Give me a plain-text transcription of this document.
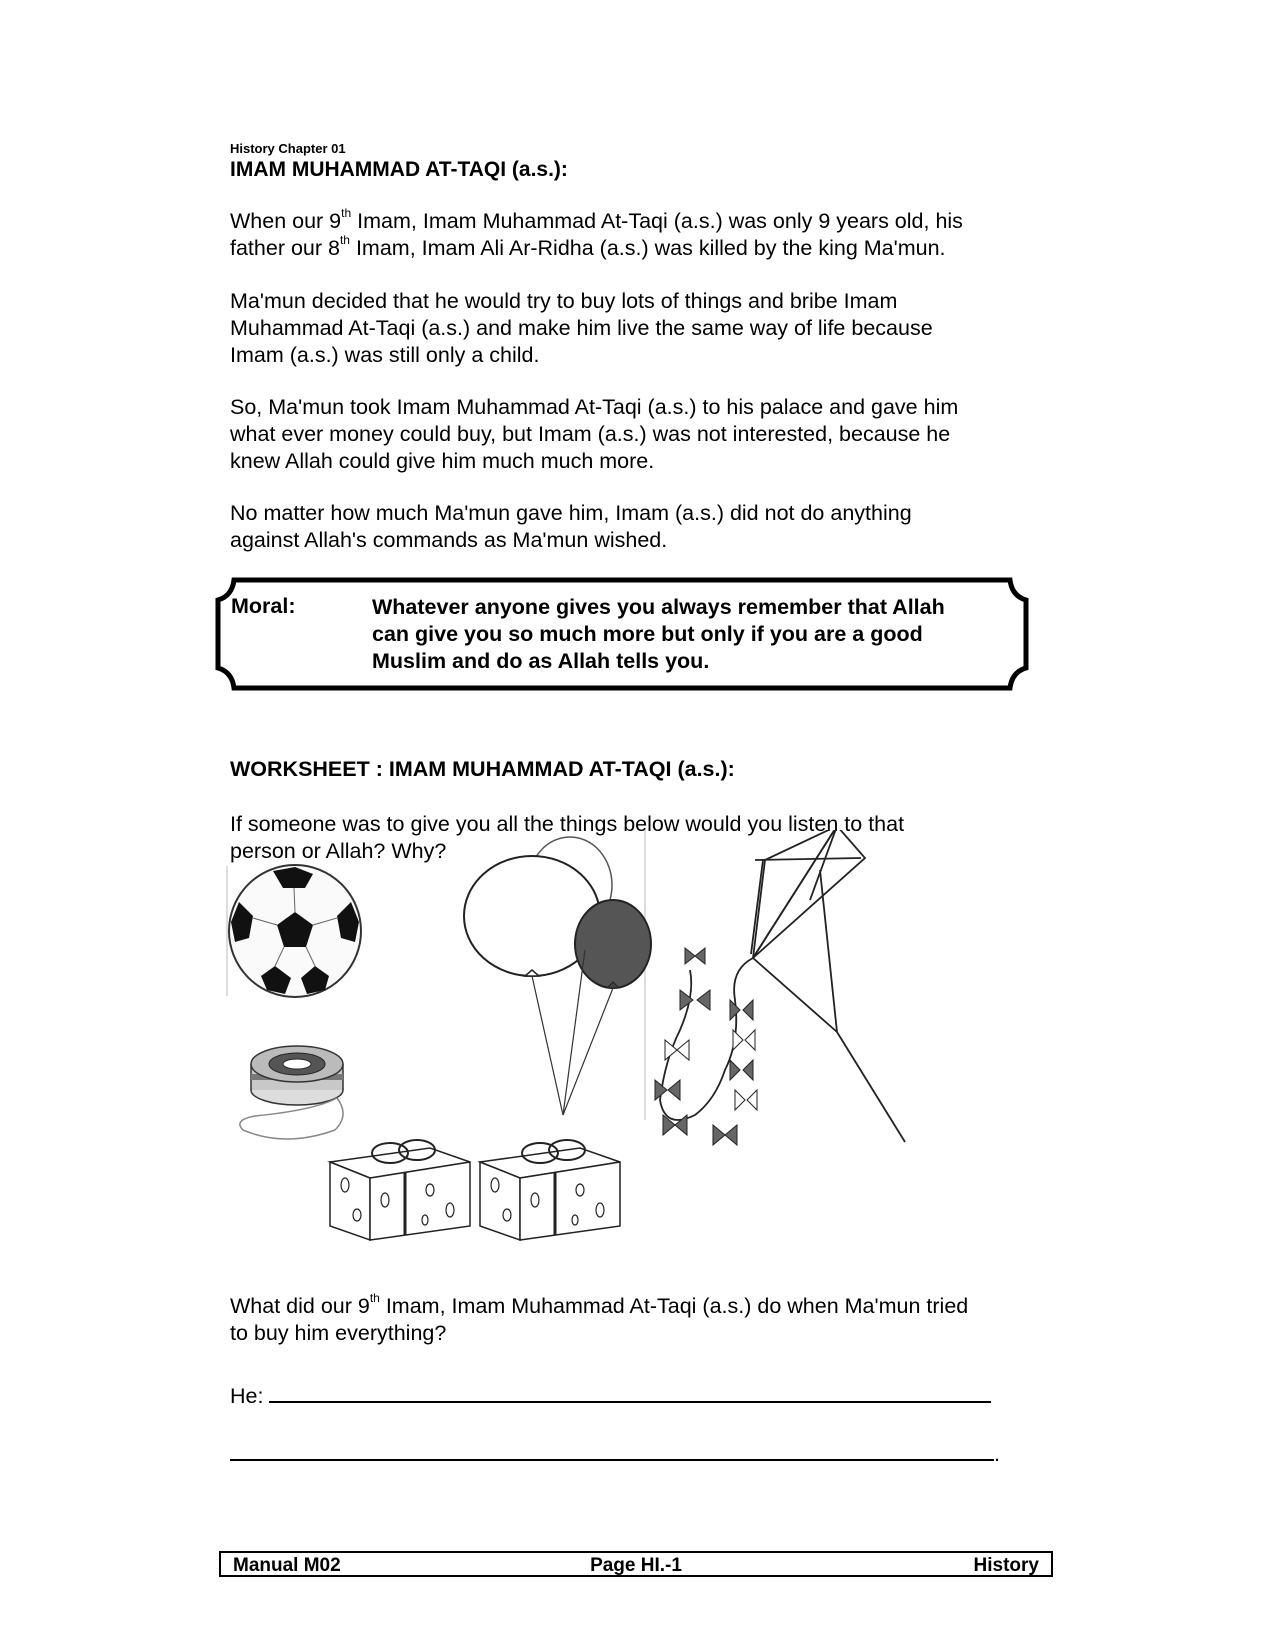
History Chapter 01
IMAM MUHAMMAD AT-TAQI (a.s.):

When our 9th Imam, Imam Muhammad At-Taqi (a.s.) was only 9 years old, his

father our 8th Imam, Imam Ali Ar-Ridha (a.s.) was killed by the king Ma'mun.

Ma'mun decided that he would try to buy lots of things and bribe Imam

Muhammad At-Taqi (a.s.) and make him live the same way of life because

Imam (a.s.) was still only a child.

So, Ma'mun took Imam Muhammad At-Taqi (a.s.) to his palace and gave him

what ever money could buy, but Imam (a.s.) was not interested, because he

knew Allah could give him much much more.

No matter how much Ma'mun gave him, Imam (a.s.) did not do anything

against Allah's commands as Ma'mun wished.

Moral:	Whatever anyone gives you always remember that Allah
can give you so much more but only if you are a good
Muslim and do as Allah tells you.
WORKSHEET : IMAM MUHAMMAD AT-TAQI (a.s.):

If someone was to give you all the things below would you listen to that

person or Allah? Why?

What did our 9th Imam, Imam Muhammad At-Taqi (a.s.) do when Ma'mun tried

to buy him everything?

He:
.
Manual M02	Page HI.-1	History
